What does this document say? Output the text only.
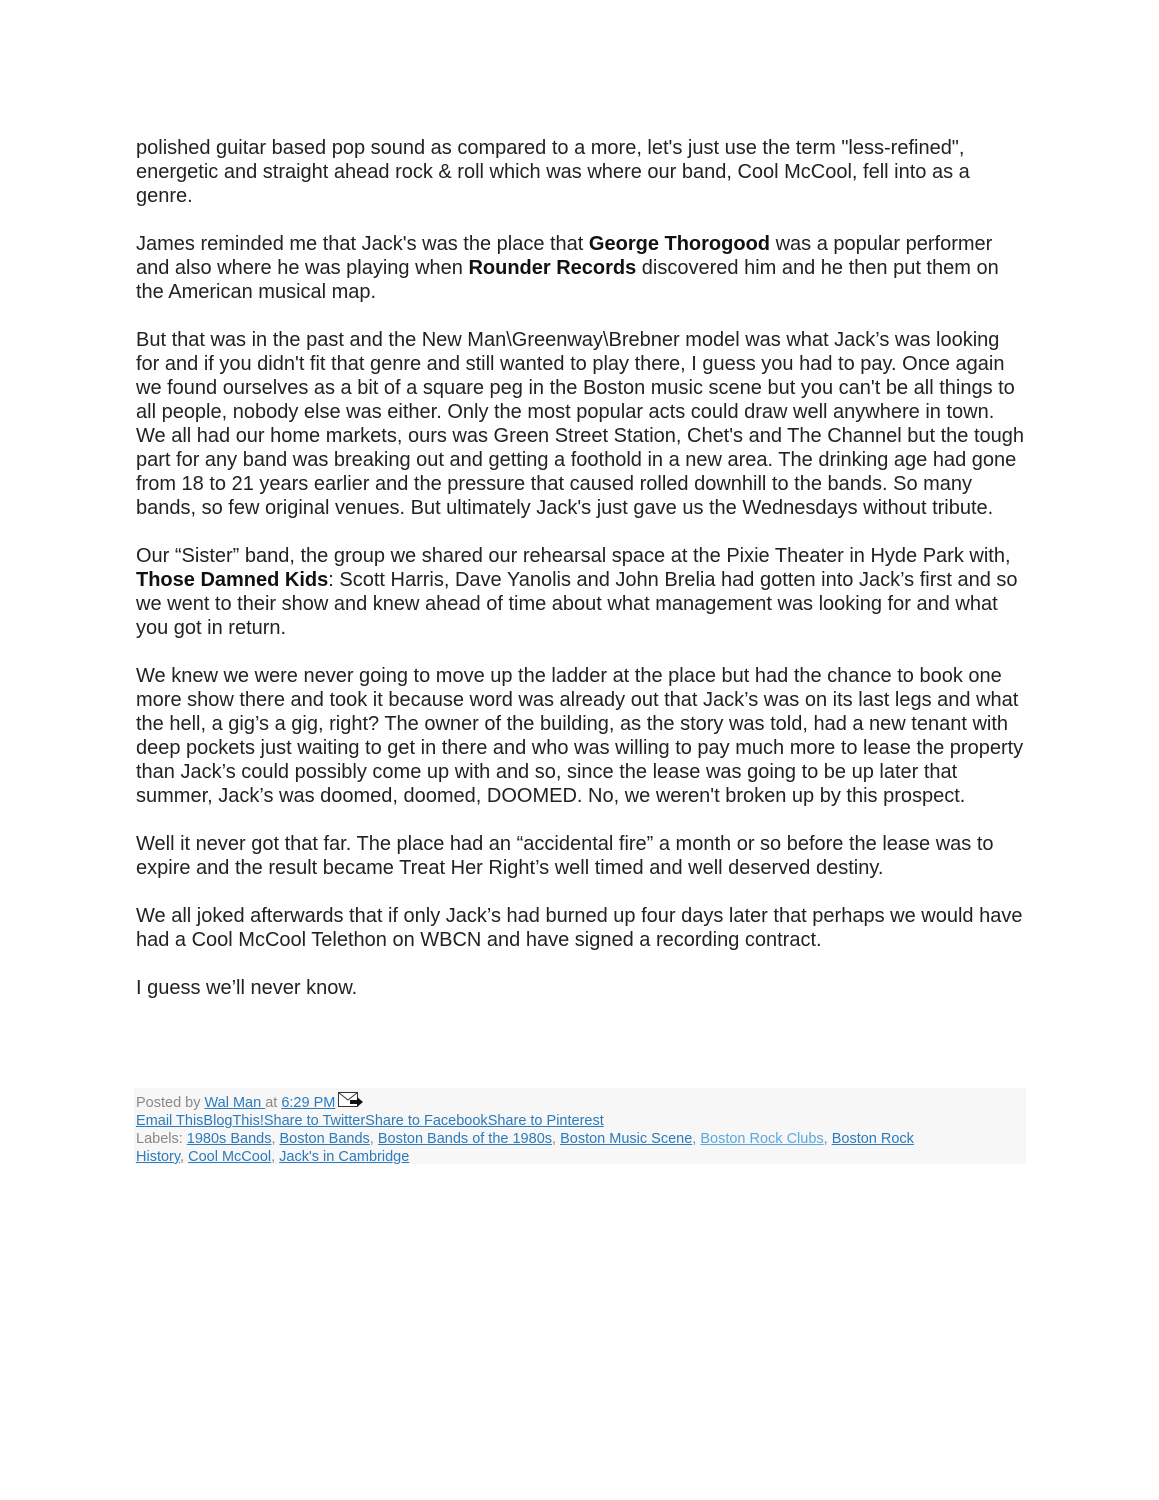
polished guitar based pop sound as compared to a more, let's just use the term "less-refined", energetic and straight ahead rock & roll which was where our band, Cool McCool, fell into as a genre.

James reminded me that Jack's was the place that George Thorogood was a popular performer and also where he was playing when Rounder Records discovered him and he then put them on the American musical map.

But that was in the past and the New Man\Greenway\Brebner model was what Jack’s was looking for and if you didn't fit that genre and still wanted to play there, I guess you had to pay. Once again we found ourselves as a bit of a square peg in the Boston music scene but you can't be all things to all people, nobody else was either. Only the most popular acts could draw well anywhere in town. We all had our home markets, ours was Green Street Station, Chet's and The Channel but the tough part for any band was breaking out and getting a foothold in a new area. The drinking age had gone from 18 to 21 years earlier and the pressure that caused rolled downhill to the bands. So many bands, so few original venues. But ultimately Jack's just gave us the Wednesdays without tribute.

Our “Sister” band, the group we shared our rehearsal space at the Pixie Theater in Hyde Park with, Those Damned Kids: Scott Harris, Dave Yanolis and John Brelia had gotten into Jack’s first and so we went to their show and knew ahead of time about what management was looking for and what you got in return.

We knew we were never going to move up the ladder at the place but had the chance to book one more show there and took it because word was already out that Jack’s was on its last legs and what the hell, a gig’s a gig, right? The owner of the building, as the story was told, had a new tenant with deep pockets just waiting to get in there and who was willing to pay much more to lease the property than Jack’s could possibly come up with and so, since the lease was going to be up later that summer, Jack’s was doomed, doomed, DOOMED. No, we weren't broken up by this prospect.

Well it never got that far. The place had an “accidental fire” a month or so before the lease was to expire and the result became Treat Her Right’s well timed and well deserved destiny.

We all joked afterwards that if only Jack’s had burned up four days later that perhaps we would have had a Cool McCool Telethon on WBCN and have signed a recording contract.

I guess we’ll never know.

Posted by Wal Man at 6:29 PM
Email ThisBlogThis!Share to TwitterShare to FacebookShare to Pinterest
Labels: 1980s Bands, Boston Bands, Boston Bands of the 1980s, Boston Music Scene, Boston Rock Clubs, Boston Rock
History, Cool McCool, Jack's in Cambridge
